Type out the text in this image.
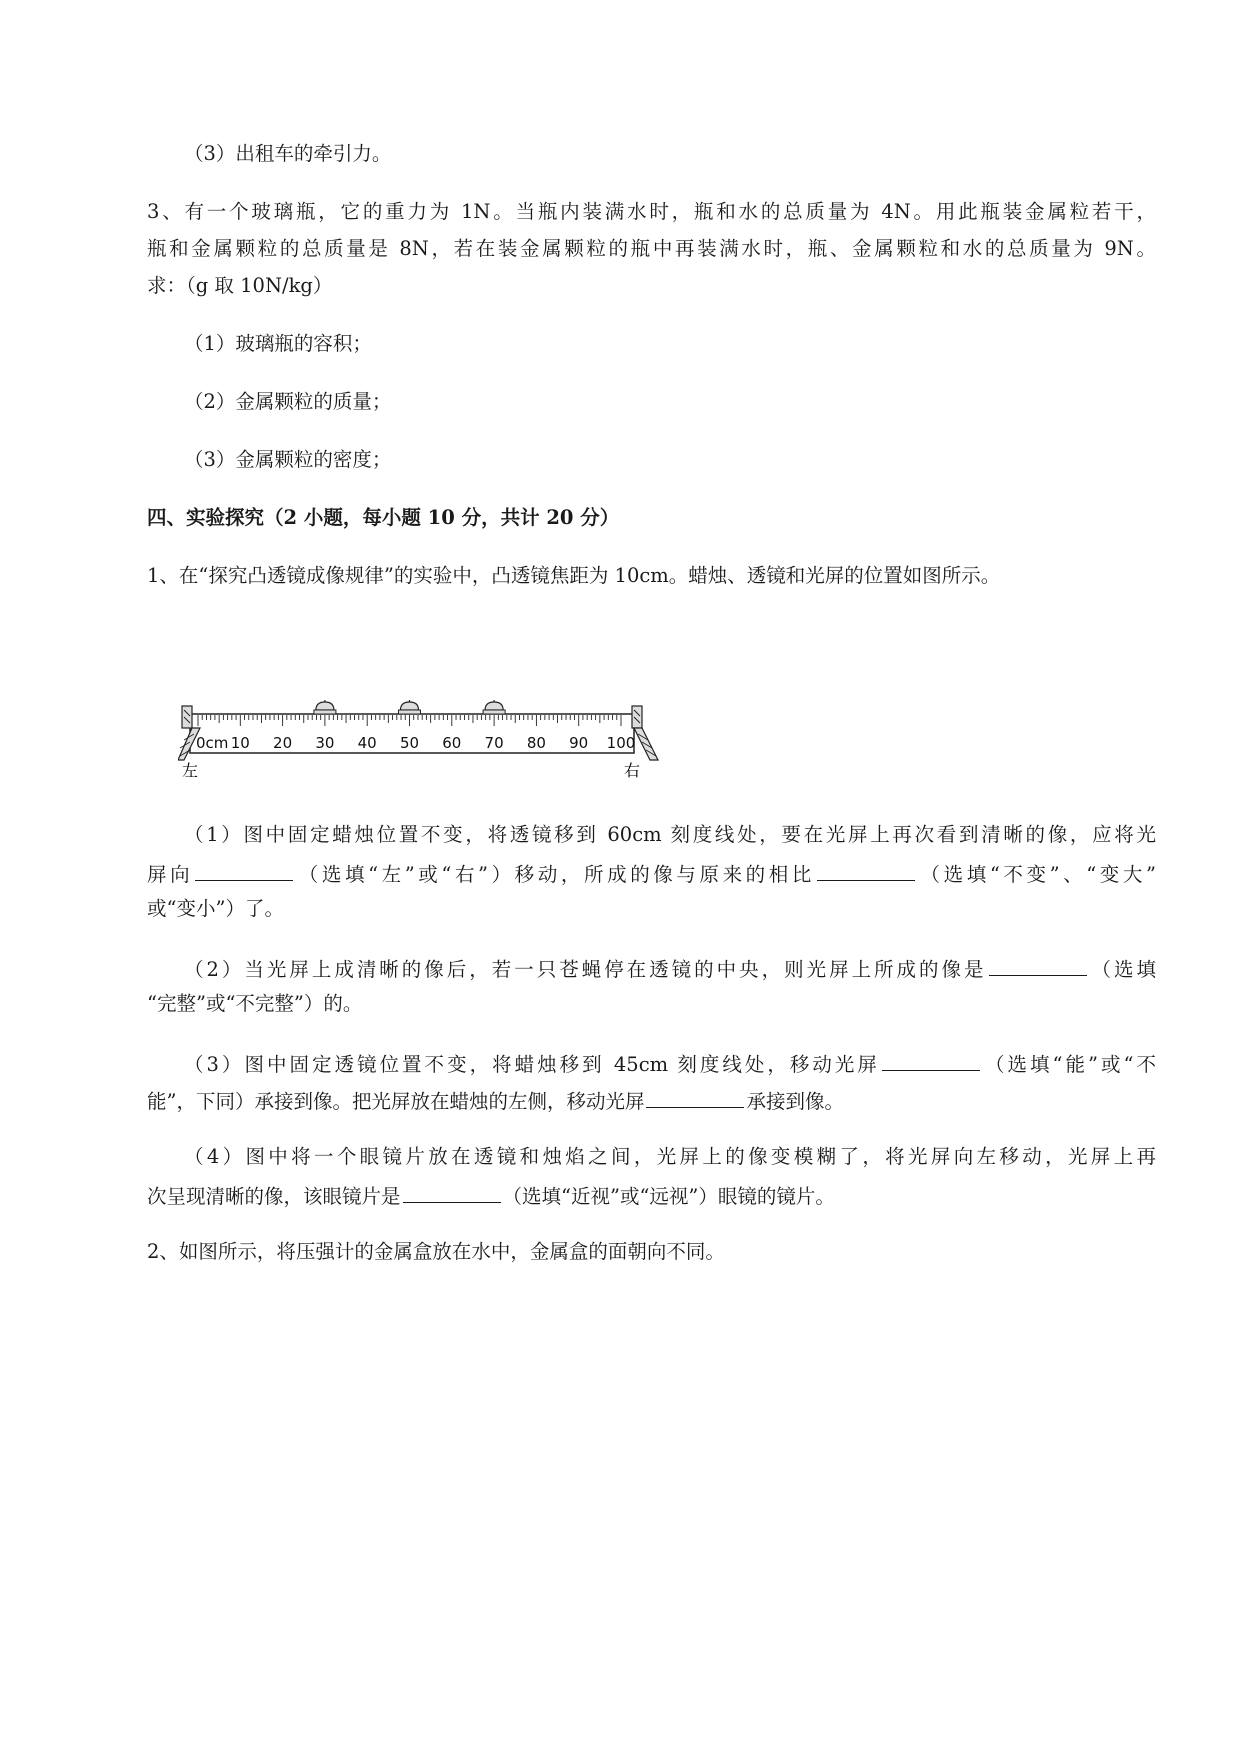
（3）出租车的牵引力。
3、有一个玻璃瓶，它的重力为 1N。当瓶内装满水时，瓶和水的总质量为 4N。用此瓶装金属粒若干，
瓶和金属颗粒的总质量是 8N，若在装金属颗粒的瓶中再装满水时，瓶、金属颗粒和水的总质量为 9N。
求：（g 取 10N/kg）
（1）玻璃瓶的容积；
（2）金属颗粒的质量；
（3）金属颗粒的密度；
四、实验探究（2 小题，每小题 10 分，共计 20 分）
1、在“探究凸透镜成像规律”的实验中，凸透镜焦距为 10cm。蜡烛、透镜和光屏的位置如图所示。
0cm 10 20 30 40 50 60 70 80 90 100
左	右
（1）图中固定蜡烛位置不变，将透镜移到 60cm 刻度线处，要在光屏上再次看到清晰的像，应将光
屏向	（选填“左”或“右”）移动，所成的像与原来的相比	（选填“不变”、“变大”
或“变小”）了。
（2）当光屏上成清晰的像后，若一只苍蝇停在透镜的中央，则光屏上所成的像是	（选填
“完整”或“不完整”）的。
（3）图中固定透镜位置不变，将蜡烛移到 45cm 刻度线处，移动光屏	（选填“能”或“不
能”，下同）承接到像。把光屏放在蜡烛的左侧，移动光屏	承接到像。
（4）图中将一个眼镜片放在透镜和烛焰之间，光屏上的像变模糊了，将光屏向左移动，光屏上再
次呈现清晰的像，该眼镜片是	（选填“近视”或“远视”）眼镜的镜片。
2、如图所示，将压强计的金属盒放在水中，金属盒的面朝向不同。
